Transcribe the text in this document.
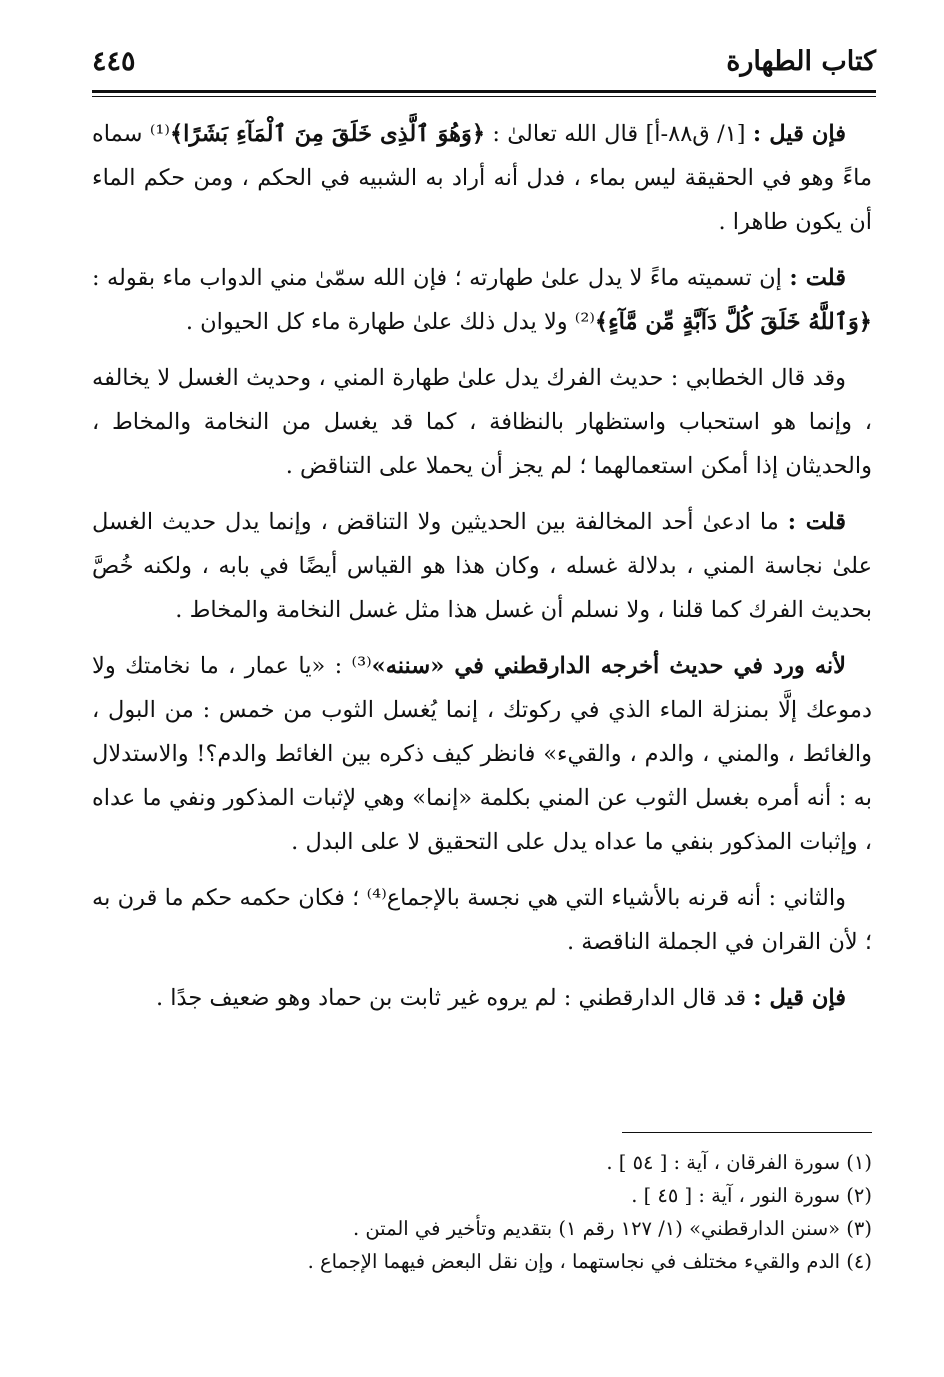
كتاب الطهارة
٤٤٥

فإن قيل : [١/ ق٨٨-أ] قال الله تعالىٰ : ﴿وَهُوَ ٱلَّذِى خَلَقَ مِنَ ٱلْمَآءِ بَشَرًا﴾⁽¹⁾ سماه ماءً وهو في الحقيقة ليس بماء ، فدل أنه أراد به الشبيه في الحكم ، ومن حكم الماء أن يكون طاهرا .

قلت : إن تسميته ماءً لا يدل علىٰ طهارته ؛ فإن الله سمّىٰ مني الدواب ماء بقوله : ﴿وَٱللَّهُ خَلَقَ كُلَّ دَآبَّةٍ مِّن مَّآءٍ﴾⁽²⁾ ولا يدل ذلك علىٰ طهارة ماء كل الحيوان .

وقد قال الخطابي : حديث الفرك يدل علىٰ طهارة المني ، وحديث الغسل لا يخالفه ، وإنما هو استحباب واستظهار بالنظافة ، كما قد يغسل من النخامة والمخاط ، والحديثان إذا أمكن استعمالهما ؛ لم يجز أن يحملا على التناقض .

قلت : ما ادعىٰ أحد المخالفة بين الحديثين ولا التناقض ، وإنما يدل حديث الغسل علىٰ نجاسة المني ، بدلالة غسله ، وكان هذا هو القياس أيضًا في بابه ، ولكنه خُصَّ بحديث الفرك كما قلنا ، ولا نسلم أن غسل هذا مثل غسل النخامة والمخاط .

لأنه ورد في حديث أخرجه الدارقطني في «سننه»⁽³⁾ : «يا عمار ، ما نخامتك ولا دموعك إلَّا بمنزلة الماء الذي في ركوتك ، إنما يُغسل الثوب من خمس : من البول ، والغائط ، والمني ، والدم ، والقيء» فانظر كيف ذكره بين الغائط والدم؟! والاستدلال به : أنه أمره بغسل الثوب عن المني بكلمة «إنما» وهي لإثبات المذكور ونفي ما عداه ، وإثبات المذكور بنفي ما عداه يدل على التحقيق لا على البدل .

والثاني : أنه قرنه بالأشياء التي هي نجسة بالإجماع⁽⁴⁾ ؛ فكان حكمه حكم ما قرن به ؛ لأن القران في الجملة الناقصة .

فإن قيل : قد قال الدارقطني : لم يروه غير ثابت بن حماد وهو ضعيف جدًا .

(١) سورة الفرقان ، آية : [ ٥٤ ] .
(٢) سورة النور ، آية : [ ٤٥ ] .
(٣) «سنن الدارقطني» (١/ ١٢٧ رقم ١) بتقديم وتأخير في المتن .
(٤) الدم والقيء مختلف في نجاستهما ، وإن نقل البعض فيهما الإجماع .
